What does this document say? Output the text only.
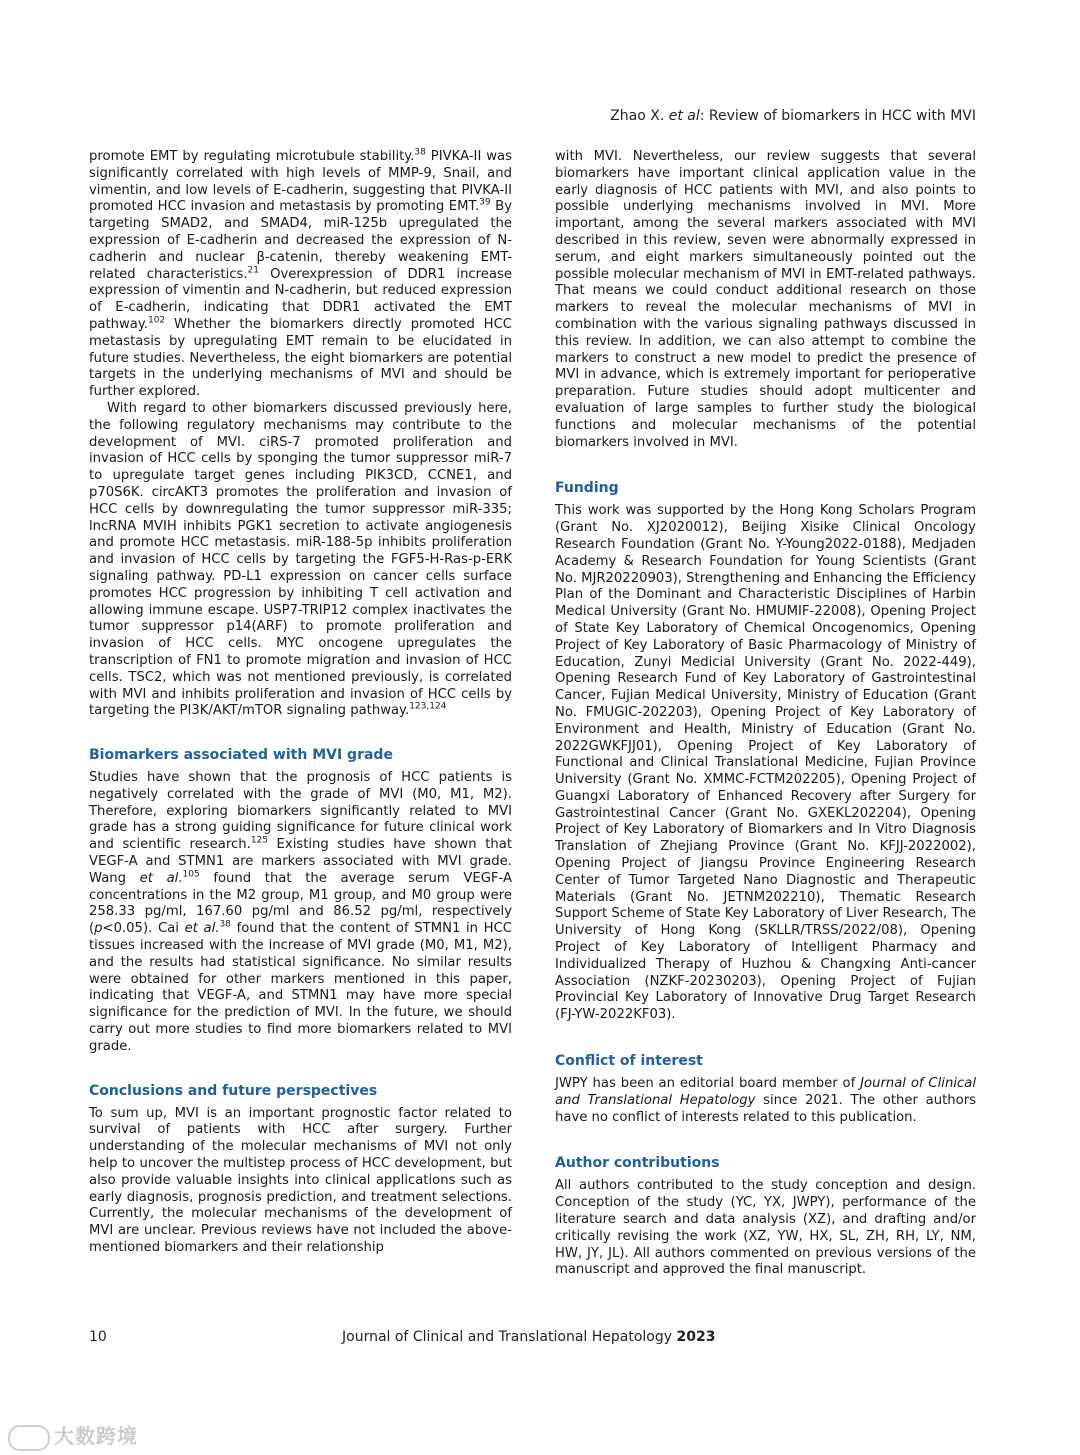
Zhao X. et al: Review of biomarkers in HCC with MVI

promote EMT by regulating microtubule stability.$^{38}$ PIVKA-II was significantly correlated with high levels of MMP-9, Snail, and vimentin, and low levels of E-cadherin, suggesting that PIVKA-II promoted HCC invasion and metastasis by promoting EMT.$^{39}$ By targeting SMAD2, and SMAD4, miR-125b upregulated the expression of E-cadherin and decreased the expression of N-cadherin and nuclear β-catenin, thereby weakening EMT-related characteristics.$^{21}$ Overexpression of DDR1 increase expression of vimentin and N-cadherin, but reduced expression of E-cadherin, indicating that DDR1 activated the EMT pathway.$^{102}$ Whether the biomarkers directly promoted HCC metastasis by upregulating EMT remain to be elucidated in future studies. Nevertheless, the eight biomarkers are potential targets in the underlying mechanisms of MVI and should be further explored.

With regard to other biomarkers discussed previously here, the following regulatory mechanisms may contribute to the development of MVI. ciRS-7 promoted proliferation and invasion of HCC cells by sponging the tumor suppressor miR-7 to upregulate target genes including PIK3CD, CCNE1, and p70S6K. circAKT3 promotes the proliferation and invasion of HCC cells by downregulating the tumor suppressor miR-335; lncRNA MVIH inhibits PGK1 secretion to activate angiogenesis and promote HCC metastasis. miR-188-5p inhibits proliferation and invasion of HCC cells by targeting the FGF5-H-Ras-p-ERK signaling pathway. PD-L1 expression on cancer cells surface promotes HCC progression by inhibiting T cell activation and allowing immune escape. USP7-TRIP12 complex inactivates the tumor suppressor p14(ARF) to promote proliferation and invasion of HCC cells. MYC oncogene upregulates the transcription of FN1 to promote migration and invasion of HCC cells. TSC2, which was not mentioned previously, is correlated with MVI and inhibits proliferation and invasion of HCC cells by targeting the PI3K/AKT/mTOR signaling pathway.$^{123,124}$

Biomarkers associated with MVI grade

Studies have shown that the prognosis of HCC patients is negatively correlated with the grade of MVI (M0, M1, M2). Therefore, exploring biomarkers significantly related to MVI grade has a strong guiding significance for future clinical work and scientific research.$^{125}$ Existing studies have shown that VEGF-A and STMN1 are markers associated with MVI grade. Wang et al.$^{105}$ found that the average serum VEGF-A concentrations in the M2 group, M1 group, and M0 group were 258.33 pg/ml, 167.60 pg/ml and 86.52 pg/ml, respectively (p<0.05). Cai et al.$^{38}$ found that the content of STMN1 in HCC tissues increased with the increase of MVI grade (M0, M1, M2), and the results had statistical significance. No similar results were obtained for other markers mentioned in this paper, indicating that VEGF-A, and STMN1 may have more special significance for the prediction of MVI. In the future, we should carry out more studies to find more biomarkers related to MVI grade.

Conclusions and future perspectives

To sum up, MVI is an important prognostic factor related to survival of patients with HCC after surgery. Further understanding of the molecular mechanisms of MVI not only help to uncover the multistep process of HCC development, but also provide valuable insights into clinical applications such as early diagnosis, prognosis prediction, and treatment selections. Currently, the molecular mechanisms of the development of MVI are unclear. Previous reviews have not included the above-mentioned biomarkers and their relationship

with MVI. Nevertheless, our review suggests that several biomarkers have important clinical application value in the early diagnosis of HCC patients with MVI, and also points to possible underlying mechanisms involved in MVI. More important, among the several markers associated with MVI described in this review, seven were abnormally expressed in serum, and eight markers simultaneously pointed out the possible molecular mechanism of MVI in EMT-related pathways. That means we could conduct additional research on those markers to reveal the molecular mechanisms of MVI in combination with the various signaling pathways discussed in this review. In addition, we can also attempt to combine the markers to construct a new model to predict the presence of MVI in advance, which is extremely important for perioperative preparation. Future studies should adopt multicenter and evaluation of large samples to further study the biological functions and molecular mechanisms of the potential biomarkers involved in MVI.

Funding

This work was supported by the Hong Kong Scholars Program (Grant No. XJ2020012), Beijing Xisike Clinical Oncology Research Foundation (Grant No. Y-Young2022-0188), Medjaden Academy & Research Foundation for Young Scientists (Grant No. MJR20220903), Strengthening and Enhancing the Efficiency Plan of the Dominant and Characteristic Disciplines of Harbin Medical University (Grant No. HMUMIF-22008), Opening Project of State Key Laboratory of Chemical Oncogenomics, Opening Project of Key Laboratory of Basic Pharmacology of Ministry of Education, Zunyi Medicial University (Grant No. 2022-449), Opening Research Fund of Key Laboratory of Gastrointestinal Cancer, Fujian Medical University, Ministry of Education (Grant No. FMUGIC-202203), Opening Project of Key Laboratory of Environment and Health, Ministry of Education (Grant No. 2022GWKFJJ01), Opening Project of Key Laboratory of Functional and Clinical Translational Medicine, Fujian Province University (Grant No. XMMC-FCTM202205), Opening Project of Guangxi Laboratory of Enhanced Recovery after Surgery for Gastrointestinal Cancer (Grant No. GXEKL202204), Opening Project of Key Laboratory of Biomarkers and In Vitro Diagnosis Translation of Zhejiang Province (Grant No. KFJJ-2022002), Opening Project of Jiangsu Province Engineering Research Center of Tumor Targeted Nano Diagnostic and Therapeutic Materials (Grant No. JETNM202210), Thematic Research Support Scheme of State Key Laboratory of Liver Research, The University of Hong Kong (SKLLR/TRSS/2022/08), Opening Project of Key Laboratory of Intelligent Pharmacy and Individualized Therapy of Huzhou & Changxing Anti-cancer Association (NZKF-20230203), Opening Project of Fujian Provincial Key Laboratory of Innovative Drug Target Research (FJ-YW-2022KF03).

Conflict of interest

JWPY has been an editorial board member of Journal of Clinical and Translational Hepatology since 2021. The other authors have no conflict of interests related to this publication.

Author contributions

All authors contributed to the study conception and design. Conception of the study (YC, YX, JWPY), performance of the literature search and data analysis (XZ), and drafting and/or critically revising the work (XZ, YW, HX, SL, ZH, RH, LY, NM, HW, JY, JL). All authors commented on previous versions of the manuscript and approved the final manuscript.

10	Journal of Clinical and Translational Hepatology 2023
大数跨境
